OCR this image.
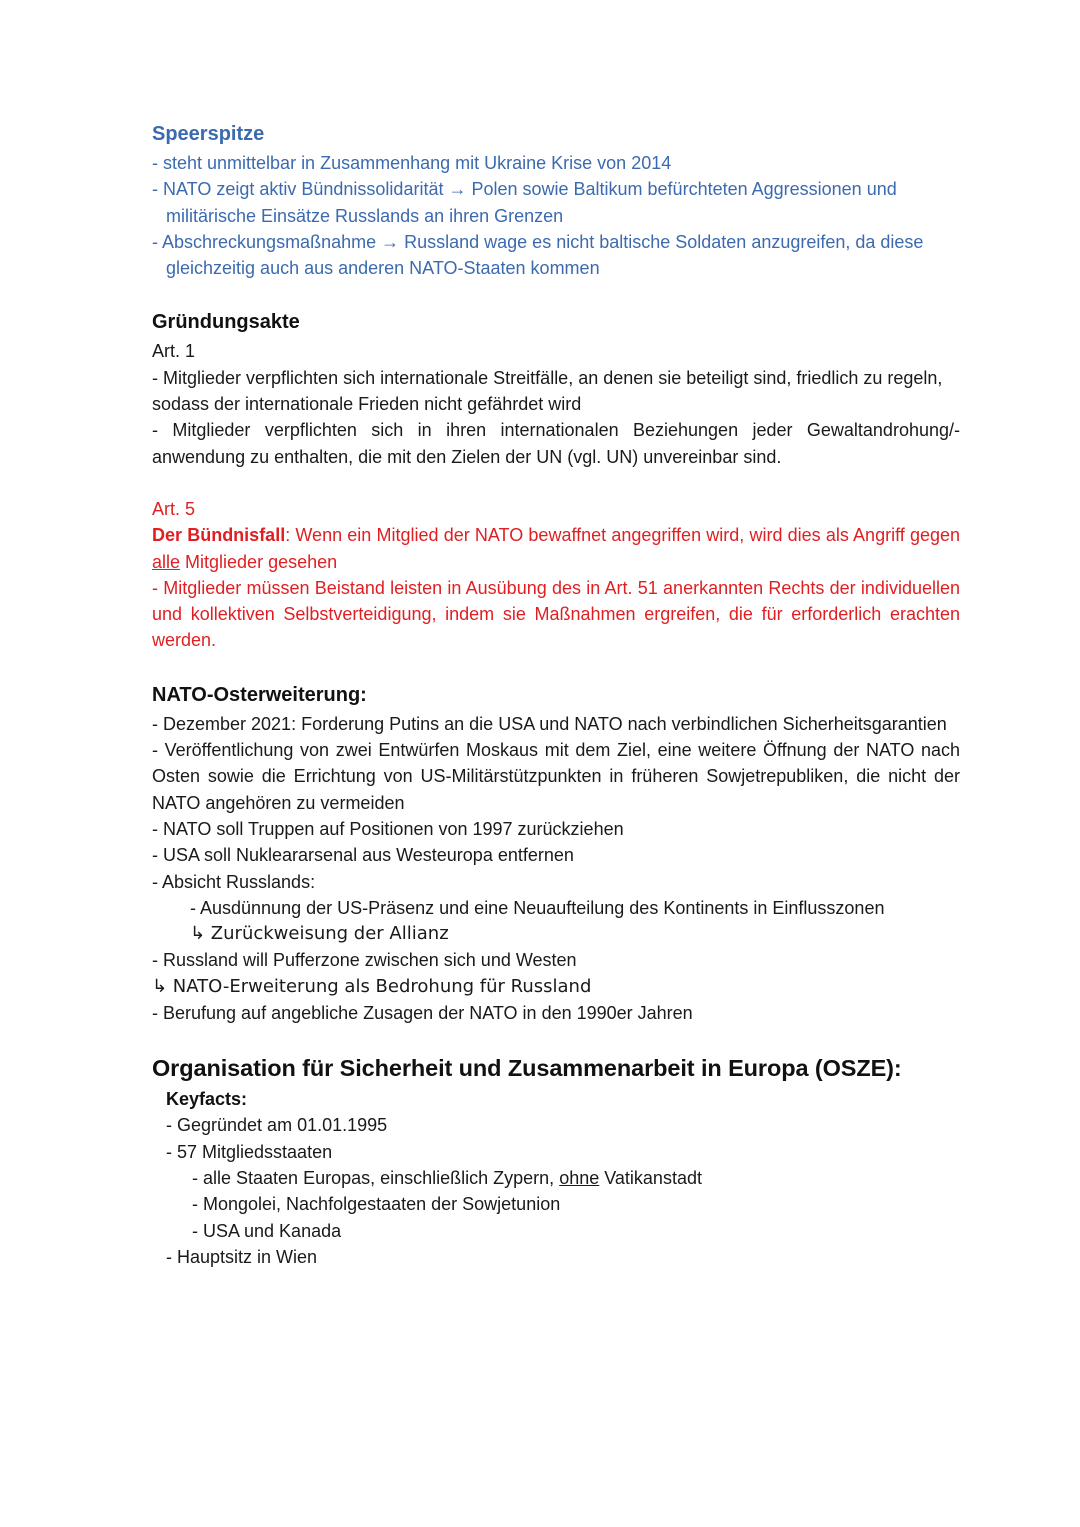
Speerspitze

- steht unmittelbar in Zusammenhang mit Ukraine Krise von 2014

- NATO zeigt aktiv Bündnissolidarität → Polen sowie Baltikum befürchteten Aggressionen und militärische Einsätze Russlands an ihren Grenzen

- Abschreckungsmaßnahme → Russland wage es nicht baltische Soldaten anzugreifen, da diese gleichzeitig auch aus anderen NATO-Staaten kommen

Gründungsakte

Art. 1

- Mitglieder verpflichten sich internationale Streitfälle, an denen sie beteiligt sind, friedlich zu regeln, sodass der internationale Frieden nicht gefährdet wird

- Mitglieder verpflichten sich in ihren internationalen Beziehungen jeder Gewaltandrohung/-anwendung zu enthalten, die mit den Zielen der UN (vgl. UN) unvereinbar sind.

Art. 5

Der Bündnisfall: Wenn ein Mitglied der NATO bewaffnet angegriffen wird, wird dies als Angriff gegen alle Mitglieder gesehen

- Mitglieder müssen Beistand leisten in Ausübung des in Art. 51 anerkannten Rechts der individuellen und kollektiven Selbstverteidigung, indem sie Maßnahmen ergreifen, die für erforderlich erachten werden.

NATO-Osterweiterung:

- Dezember 2021: Forderung Putins an die USA und NATO nach verbindlichen Sicherheitsgarantien

- Veröffentlichung von zwei Entwürfen Moskaus mit dem Ziel, eine weitere Öffnung der NATO nach Osten sowie die Errichtung von US-Militärstützpunkten in früheren Sowjetrepubliken, die nicht der NATO angehören zu vermeiden

- NATO soll Truppen auf Positionen von 1997 zurückziehen

- USA soll Nukleararsenal aus Westeuropa entfernen

- Absicht Russlands:

- Ausdünnung der US-Präsenz und eine Neuaufteilung des Kontinents in Einflusszonen

↳ Zurückweisung der Allianz

- Russland will Pufferzone zwischen sich und Westen

↳ NATO-Erweiterung als Bedrohung für Russland

- Berufung auf angebliche Zusagen der NATO in den 1990er Jahren

Organisation für Sicherheit und Zusammenarbeit in Europa (OSZE):

Keyfacts:

- Gegründet am 01.01.1995

- 57 Mitgliedsstaaten

- alle Staaten Europas, einschließlich Zypern, ohne Vatikanstadt

- Mongolei, Nachfolgestaaten der Sowjetunion

- USA und Kanada

- Hauptsitz in Wien
